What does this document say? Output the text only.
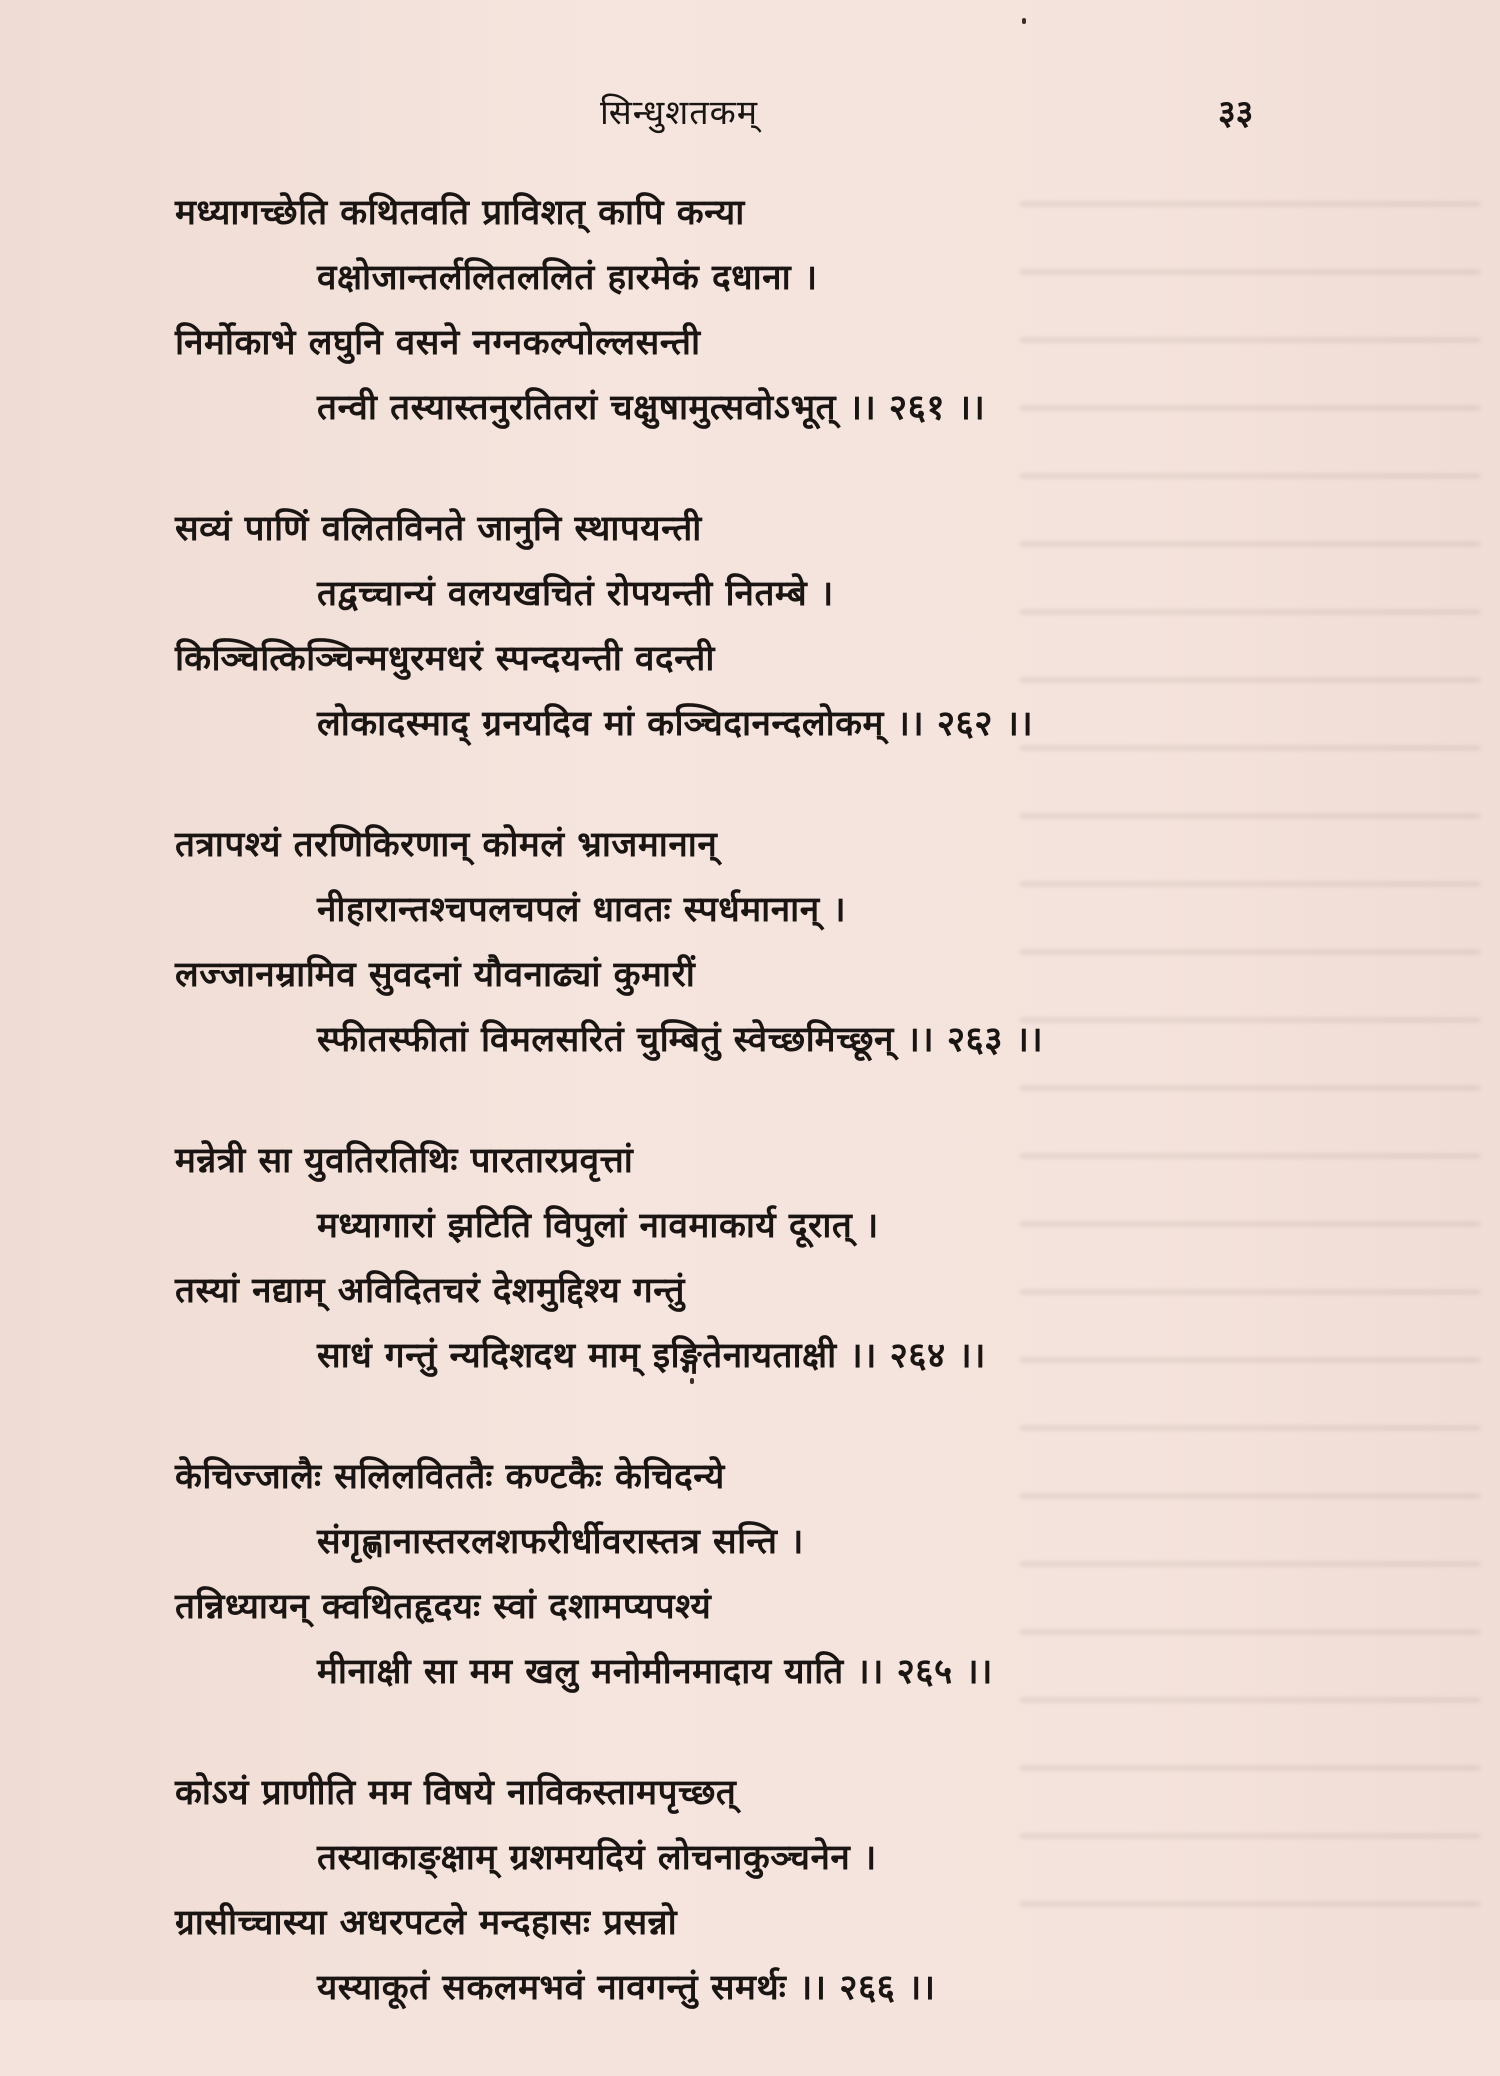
सिन्धुशतकम्	३३
मध्यागच्छेति कथितवति प्राविशत् कापि कन्या
वक्षोजान्तर्ललितललितं हारमेकं दधाना ।
निर्मोकाभे लघुनि वसने नग्नकल्पोल्लसन्ती
तन्वी तस्यास्तनुरतितरां चक्षुषामुत्सवोऽभूत् ।। २६१ ।।
सव्यं पाणिं वलितविनते जानुनि स्थापयन्ती
तद्वच्चान्यं वलयखचितं रोपयन्ती नितम्बे ।
किञ्चित्किञ्चिन्मधुरमधरं स्पन्दयन्ती वदन्ती
लोकादस्माद् ग्रनयदिव मां कञ्चिदानन्दलोकम् ।। २६२ ।।
तत्रापश्यं तरणिकिरणान् कोमलं भ्राजमानान्
नीहारान्तश्चपलचपलं धावतः स्पर्धमानान् ।
लज्जानम्रामिव सुवदनां यौवनाढ्यां कुमारीं
स्फीतस्फीतां विमलसरितं चुम्बितुं स्वेच्छमिच्छून् ।। २६३ ।।
मन्नेत्री सा युवतिरतिथिः पारतारप्रवृत्तां
मध्यागारां झटिति विपुलां नावमाकार्य दूरात् ।
तस्यां नद्याम् अविदितचरं देशमुद्दिश्य गन्तुं
साधं गन्तुं न्यदिशदथ माम् इङ्गितेनायताक्षी ।। २६४ ।।
केचिज्जालैः सलिलविततैः कण्टकैः केचिदन्ये
संगृह्णानास्तरलशफरीर्धीवरास्तत्र सन्ति ।
तन्निध्यायन् क्वथितहृदयः स्वां दशामप्यपश्यं
मीनाक्षी सा मम खलु मनोमीनमादाय याति ।। २६५ ।।
कोऽयं प्राणीति मम विषये नाविकस्तामपृच्छत्
तस्याकाङ्क्षाम् ग्रशमयदियं लोचनाकुञ्चनेन ।
ग्रासीच्चास्या अधरपटले मन्दहासः प्रसन्नो
यस्याकूतं सकलमभवं नावगन्तुं समर्थः ।। २६६ ।।
